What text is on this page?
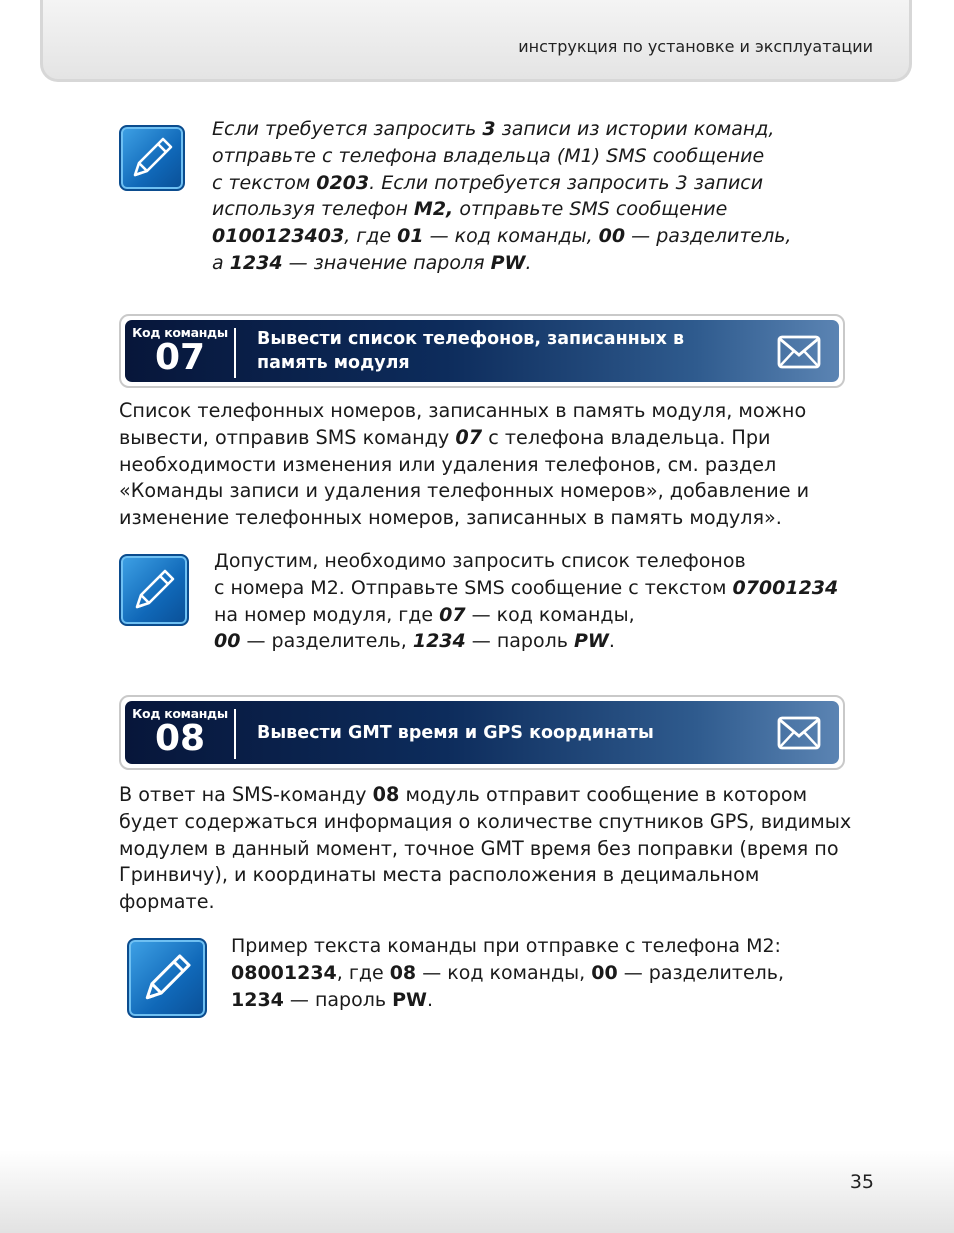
инструкция по установке и эксплуатации

Если требуется запросить 3 записи из истории команд,

отправьте с телефона владельца (M1) SMS сообщение

с текстом 0203. Если потребуется запросить 3 записи

используя телефон M2, отправьте SMS сообщение

0100123403, где 01 — код команды, 00 — разделитель,

а 1234 — значение пароля PW.

Код команды
07	Вывести список телефонов, записанных в
память модуля

Список телефонных номеров, записанных в память модуля, можно

вывести, отправив SMS команду 07 с телефона владельца. При

необходимости изменения или удаления телефонов, см. раздел

«Команды записи и удаления телефонных номеров», добавление и

изменение телефонных номеров, записанных в память модуля».

Допустим, необходимо запросить список телефонов

с номера M2. Отправьте SMS сообщение с текстом 07001234

на номер модуля, где 07 — код команды,

00 — разделитель, 1234 — пароль PW.

Код команды
08	Вывести GMT время и GPS координаты

В ответ на SMS-команду 08 модуль отправит сообщение в котором

будет содержаться информация о количестве спутников GPS, видимых

модулем в данный момент, точное GMT время без поправки (время по

Гринвичу), и координаты места расположения в децимальном

формате.

Пример текста команды при отправке с телефона M2:

08001234, где 08 — код команды, 00 — разделитель,

1234 — пароль PW.

35
